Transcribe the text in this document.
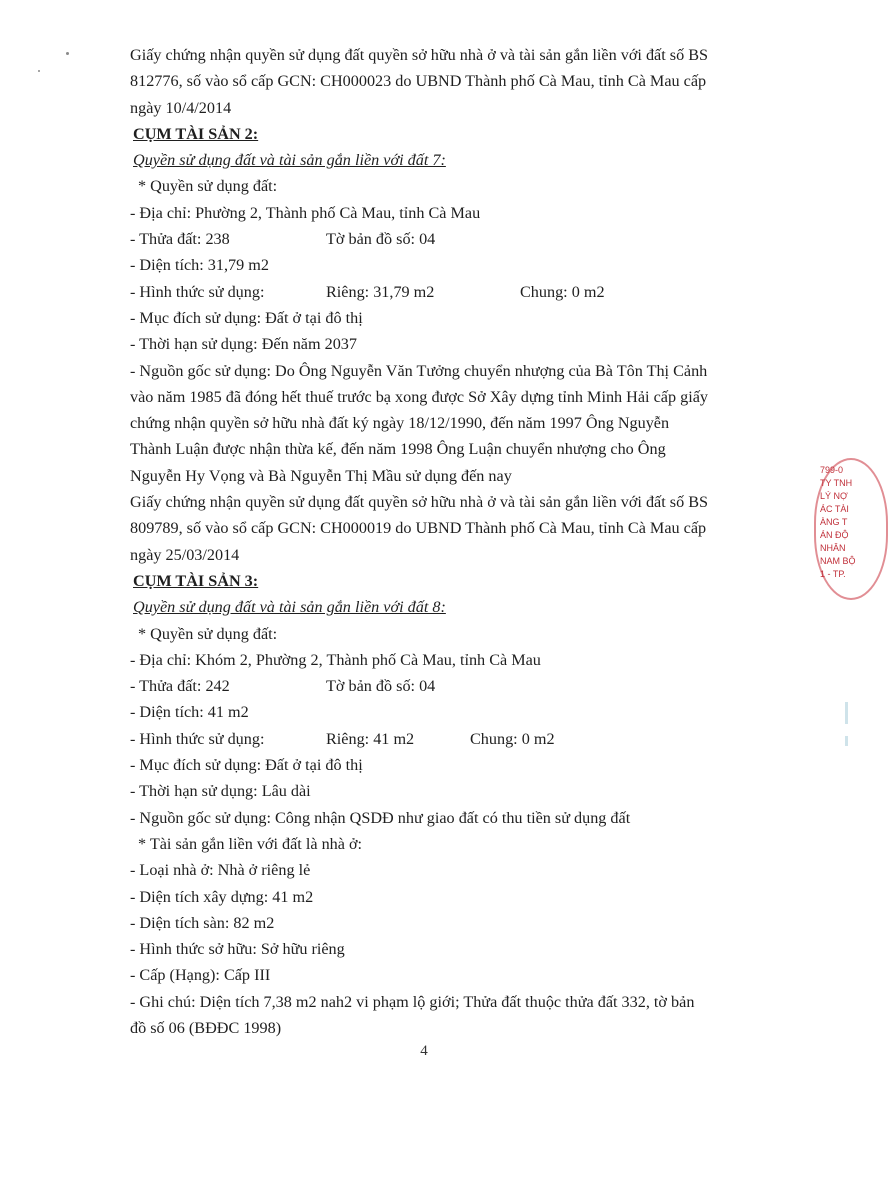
Giấy chứng nhận quyền sử dụng đất quyền sở hữu nhà ở và tài sản gắn liền với đất số BS
812776, số vào sổ cấp GCN: CH000023 do UBND Thành phố Cà Mau, tỉnh Cà Mau cấp
ngày 10/4/2014
CỤM TÀI SẢN 2:
Quyền sử dụng đất và tài sản gắn liền với đất 7:
* Quyền sử dụng đất:
- Địa chỉ: Phường 2, Thành phố Cà Mau, tỉnh Cà Mau
- Thửa đất: 238	Tờ bản đồ số: 04
- Diện tích: 31,79 m2
- Hình thức sử dụng:	Riêng: 31,79 m2	Chung: 0 m2
- Mục đích sử dụng: Đất ở tại đô thị
- Thời hạn sử dụng: Đến năm 2037
- Nguồn gốc sử dụng: Do Ông Nguyễn Văn Tưởng chuyển nhượng của Bà Tôn Thị Cảnh
vào năm 1985 đã đóng hết thuế trước bạ xong được Sở Xây dựng tỉnh Minh Hải cấp giấy
chứng nhận quyền sở hữu nhà đất ký ngày 18/12/1990, đến năm 1997 Ông Nguyễn
Thành Luận được nhận thừa kế, đến năm 1998 Ông Luận chuyển nhượng cho Ông
Nguyễn Hy Vọng và Bà Nguyễn Thị Mầu sử dụng đến nay
Giấy chứng nhận quyền sử dụng đất quyền sở hữu nhà ở và tài sản gắn liền với đất số BS
809789, số vào sổ cấp GCN: CH000019 do UBND Thành phố Cà Mau, tỉnh Cà Mau cấp
ngày 25/03/2014
CỤM TÀI SẢN 3:
Quyền sử dụng đất và tài sản gắn liền với đất 8:
* Quyền sử dụng đất:
- Địa chỉ: Khóm 2, Phường 2, Thành phố Cà Mau, tỉnh Cà Mau
- Thửa đất: 242	Tờ bản đồ số: 04
- Diện tích: 41 m2
- Hình thức sử dụng:	Riêng: 41 m2	Chung: 0 m2
- Mục đích sử dụng: Đất ở tại đô thị
- Thời hạn sử dụng: Lâu dài
- Nguồn gốc sử dụng: Công nhận QSDĐ như giao đất có thu tiền sử dụng đất
* Tài sản gắn liền với đất là nhà ở:
- Loại nhà ở: Nhà ở riêng lẻ
- Diện tích xây dựng: 41 m2
- Diện tích sàn: 82 m2
- Hình thức sở hữu: Sở hữu riêng
- Cấp (Hạng): Cấp III
- Ghi chú: Diện tích 7,38 m2 nah2 vi phạm lộ giới; Thửa đất thuộc thửa đất 332, tờ bản
đồ số 06 (BĐĐC 1998)
4
799-0
TY TNH
LÝ NỢ
ÁC TÀI
ÀNG T
ÁN ĐỘ
NHÂN
NAM BỘ
1 - TP.
